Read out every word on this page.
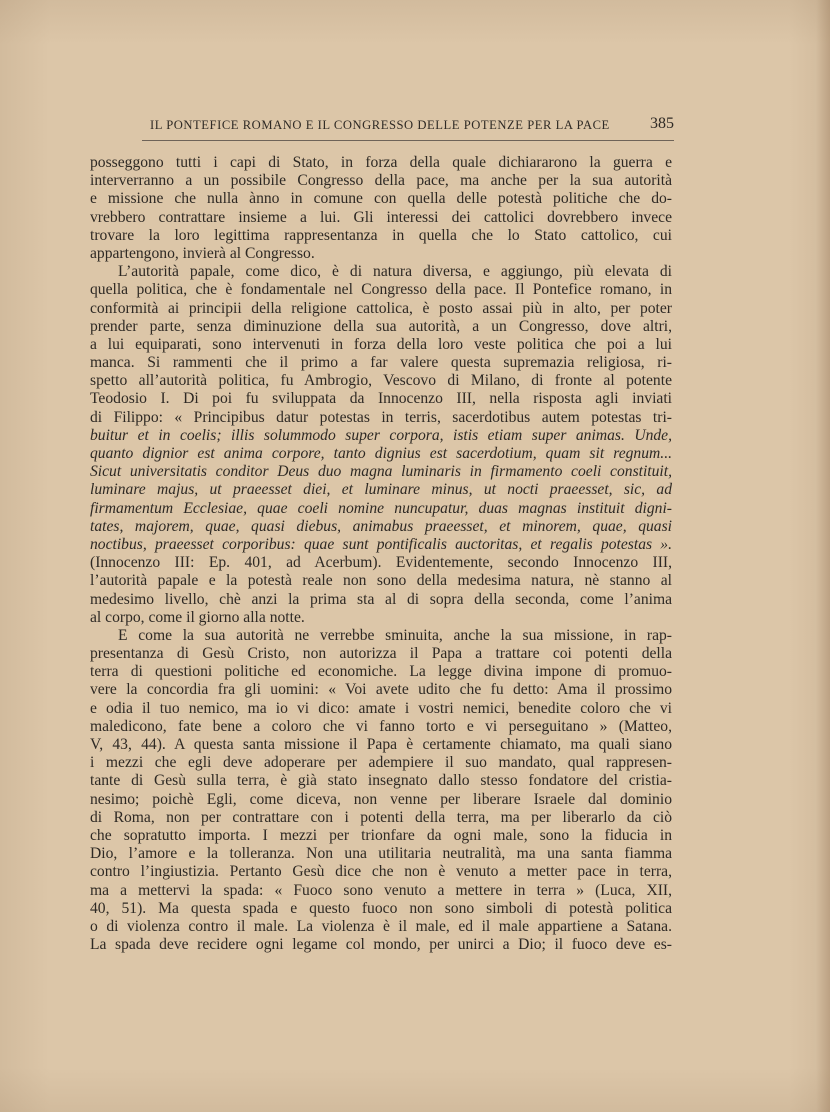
IL PONTEFICE ROMANO E IL CONGRESSO DELLE POTENZE PER LA PACE	385
posseggono tutti i capi di Stato, in forza della quale dichiararono la guerra e
interverranno a un possibile Congresso della pace, ma anche per la sua autorità
e missione che nulla ànno in comune con quella delle potestà politiche che do-
vrebbero contrattare insieme a lui. Gli interessi dei cattolici dovrebbero invece
trovare la loro legittima rappresentanza in quella che lo Stato cattolico, cui
appartengono, invierà al Congresso.
L’autorità papale, come dico, è di natura diversa, e aggiungo, più elevata di
quella politica, che è fondamentale nel Congresso della pace. Il Pontefice romano, in
conformità ai principii della religione cattolica, è posto assai più in alto, per poter
prender parte, senza diminuzione della sua autorità, a un Congresso, dove altri,
a lui equiparati, sono intervenuti in forza della loro veste politica che poi a lui
manca. Si rammenti che il primo a far valere questa supremazia religiosa, ri-
spetto all’autorità politica, fu Ambrogio, Vescovo di Milano, di fronte al potente
Teodosio I. Di poi fu sviluppata da Innocenzo III, nella risposta agli inviati
di Filippo: « Principibus datur potestas in terris, sacerdotibus autem potestas tri-
buitur et in coelis; illis solummodo super corpora, istis etiam super animas. Unde,
quanto dignior est anima corpore, tanto dignius est sacerdotium, quam sit regnum...
Sicut universitatis conditor Deus duo magna luminaris in firmamento coeli constituit,
luminare majus, ut praeesset diei, et luminare minus, ut nocti praeesset, sic, ad
firmamentum Ecclesiae, quae coeli nomine nuncupatur, duas magnas instituit digni-
tates, majorem, quae, quasi diebus, animabus praeesset, et minorem, quae, quasi
noctibus, praeesset corporibus: quae sunt pontificalis auctoritas, et regalis potestas ».
(Innocenzo III: Ep. 401, ad Acerbum). Evidentemente, secondo Innocenzo III,
l’autorità papale e la potestà reale non sono della medesima natura, nè stanno al
medesimo livello, chè anzi la prima sta al di sopra della seconda, come l’anima
al corpo, come il giorno alla notte.
E come la sua autorità ne verrebbe sminuita, anche la sua missione, in rap-
presentanza di Gesù Cristo, non autorizza il Papa a trattare coi potenti della
terra di questioni politiche ed economiche. La legge divina impone di promuo-
vere la concordia fra gli uomini: « Voi avete udito che fu detto: Ama il prossimo
e odia il tuo nemico, ma io vi dico: amate i vostri nemici, benedite coloro che vi
maledicono, fate bene a coloro che vi fanno torto e vi perseguitano » (Matteo,
V, 43, 44). A questa santa missione il Papa è certamente chiamato, ma quali siano
i mezzi che egli deve adoperare per adempiere il suo mandato, qual rappresen-
tante di Gesù sulla terra, è già stato insegnato dallo stesso fondatore del cristia-
nesimo; poichè Egli, come diceva, non venne per liberare Israele dal dominio
di Roma, non per contrattare con i potenti della terra, ma per liberarlo da ciò
che sopratutto importa. I mezzi per trionfare da ogni male, sono la fiducia in
Dio, l’amore e la tolleranza. Non una utilitaria neutralità, ma una santa fiamma
contro l’ingiustizia. Pertanto Gesù dice che non è venuto a metter pace in terra,
ma a mettervi la spada: « Fuoco sono venuto a mettere in terra » (Luca, XII,
40, 51). Ma questa spada e questo fuoco non sono simboli di potestà politica
o di violenza contro il male. La violenza è il male, ed il male appartiene a Satana.
La spada deve recidere ogni legame col mondo, per unirci a Dio; il fuoco deve es-
